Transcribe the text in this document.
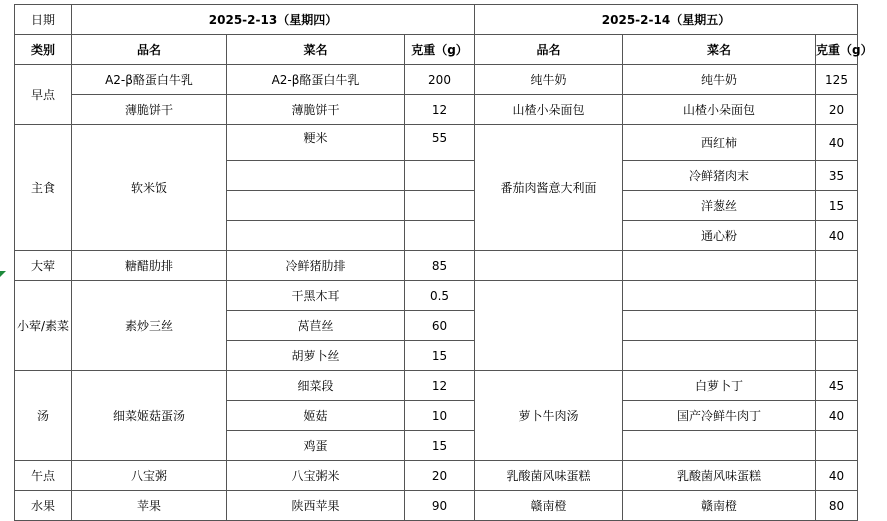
日期	2025-2-13（星期四）			2025-2-14（星期五）		
类别	品名	菜名	克重（g）	品名	菜名	克重（g）
早点	A2-β酪蛋白牛乳	A2-β酪蛋白牛乳	200	纯牛奶	纯牛奶	125
	薄脆饼干	薄脆饼干	12	山楂小朵面包	山楂小朵面包	20
主食	软米饭	粳米	55	番茄肉酱意大利面	西红柿	40
					冷鲜猪肉末	35
					洋葱丝	15
					通心粉	40
大荤	糖醋肋排	冷鲜猪肋排	85			
小荤/素菜	素炒三丝	干黑木耳	0.5			
		莴苣丝	60			
		胡萝卜丝	15			
汤	细菜姬菇蛋汤	细菜段	12	萝卜牛肉汤	白萝卜丁	45
		姬菇	10		国产冷鲜牛肉丁	40
		鸡蛋	15			
午点	八宝粥	八宝粥米	20	乳酸菌风味蛋糕	乳酸菌风味蛋糕	40
水果	苹果	陕西苹果	90	赣南橙	赣南橙	80
